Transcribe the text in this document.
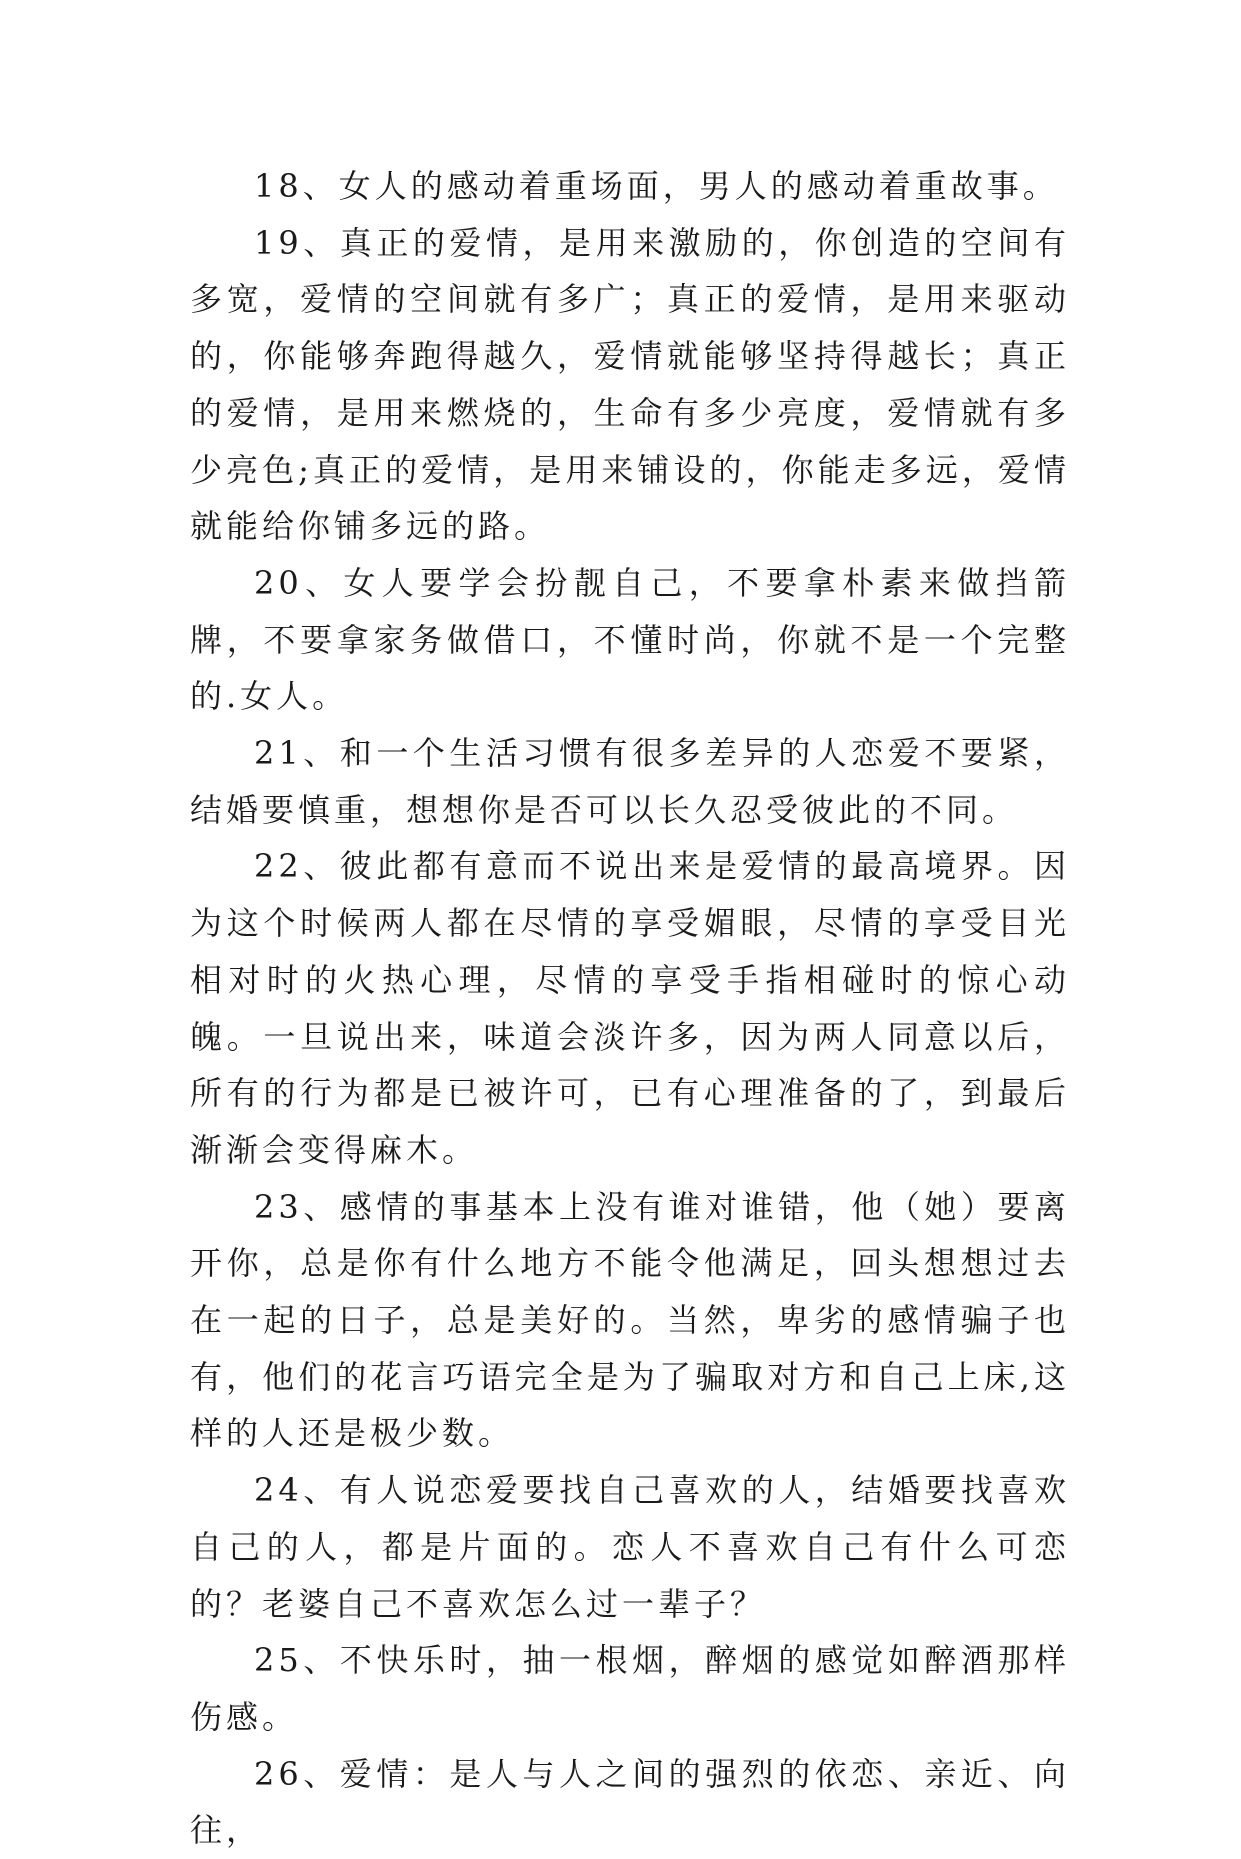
18、女人的感动着重场面，男人的感动着重故事。

19、真正的爱情，是用来激励的，你创造的空间有多宽，爱情的空间就有多广；真正的爱情，是用来驱动的，你能够奔跑得越久，爱情就能够坚持得越长；真正的爱情，是用来燃烧的，生命有多少亮度，爱情就有多少亮色;真正的爱情，是用来铺设的，你能走多远，爱情就能给你铺多远的路。

20、女人要学会扮靓自己，不要拿朴素来做挡箭牌，不要拿家务做借口，不懂时尚，你就不是一个完整的.女人。

21、和一个生活习惯有很多差异的人恋爱不要紧，结婚要慎重，想想你是否可以长久忍受彼此的不同。

22、彼此都有意而不说出来是爱情的最高境界。因为这个时候两人都在尽情的享受媚眼，尽情的享受目光相对时的火热心理，尽情的享受手指相碰时的惊心动魄。一旦说出来，味道会淡许多，因为两人同意以后，所有的行为都是已被许可，已有心理准备的了，到最后渐渐会变得麻木。

23、感情的事基本上没有谁对谁错，他（她）要离开你，总是你有什么地方不能令他满足，回头想想过去在一起的日子，总是美好的。当然，卑劣的感情骗子也有，他们的花言巧语完全是为了骗取对方和自己上床,这样的人还是极少数。

24、有人说恋爱要找自己喜欢的人，结婚要找喜欢自己的人，都是片面的。恋人不喜欢自己有什么可恋的？老婆自己不喜欢怎么过一辈子？

25、不快乐时，抽一根烟，醉烟的感觉如醉酒那样伤感。

26、爱情：是人与人之间的强烈的依恋、亲近、向往，
